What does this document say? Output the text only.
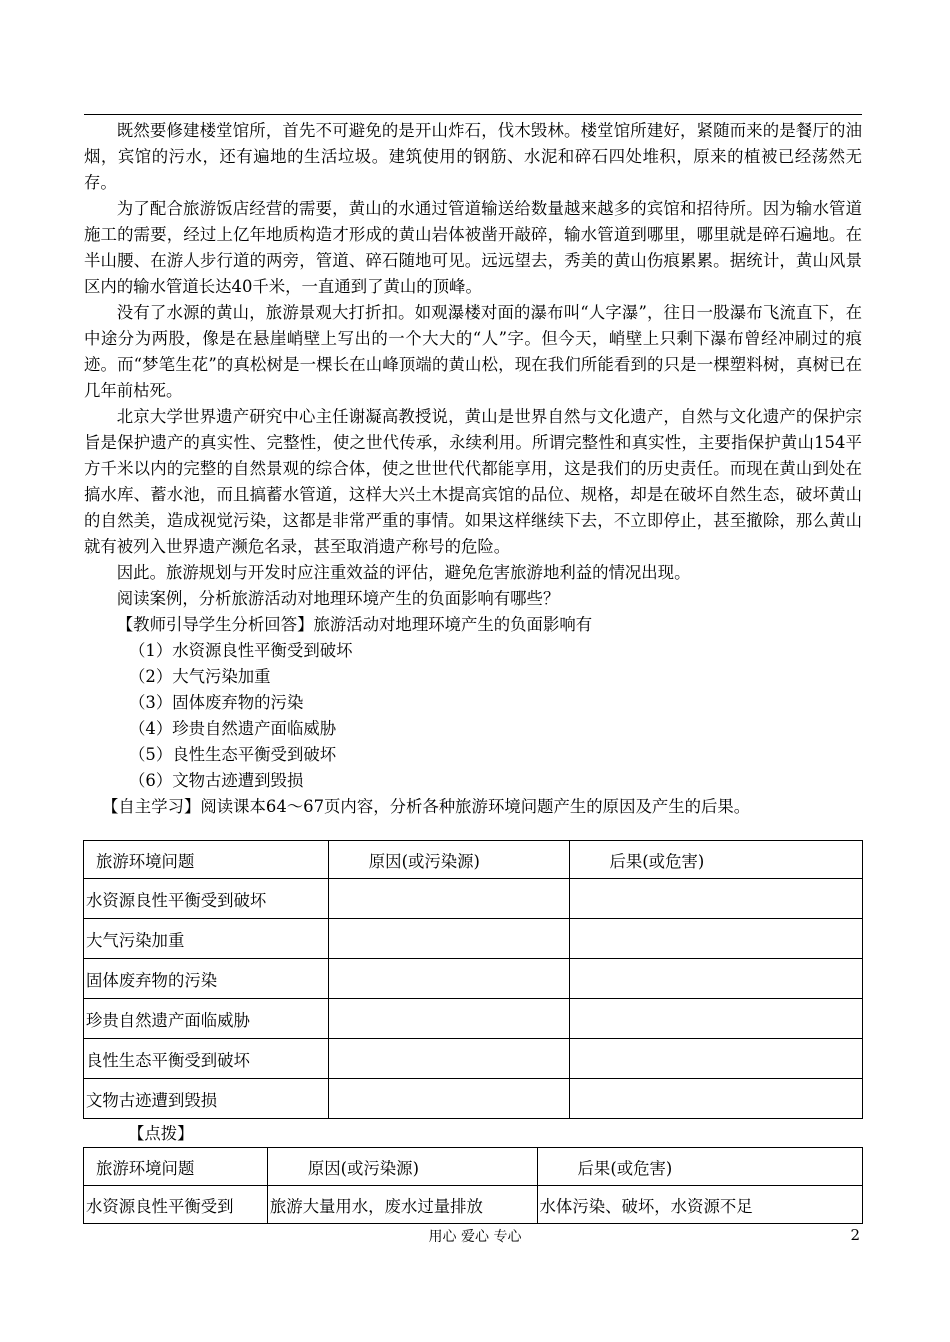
既然要修建楼堂馆所，首先不可避免的是开山炸石，伐木毁林。楼堂馆所建好，紧随而来的是餐厅的油烟，宾馆的污水，还有遍地的生活垃圾。建筑使用的钢筋、水泥和碎石四处堆积，原来的植被已经荡然无存。

为了配合旅游饭店经营的需要，黄山的水通过管道输送给数量越来越多的宾馆和招待所。因为输水管道施工的需要，经过上亿年地质构造才形成的黄山岩体被凿开敲碎，输水管道到哪里，哪里就是碎石遍地。在半山腰、在游人步行道的两旁，管道、碎石随地可见。远远望去，秀美的黄山伤痕累累。据统计，黄山风景区内的输水管道长达40千米，一直通到了黄山的顶峰。

没有了水源的黄山，旅游景观大打折扣。如观瀑楼对面的瀑布叫“人字瀑”，往日一股瀑布飞流直下，在中途分为两股，像是在悬崖峭壁上写出的一个大大的“人”字。但今天，峭壁上只剩下瀑布曾经冲刷过的痕迹。而“梦笔生花”的真松树是一棵长在山峰顶端的黄山松，现在我们所能看到的只是一棵塑料树，真树已在几年前枯死。

北京大学世界遗产研究中心主任谢凝高教授说，黄山是世界自然与文化遗产，自然与文化遗产的保护宗旨是保护遗产的真实性、完整性，使之世代传承，永续利用。所谓完整性和真实性，主要指保护黄山154平方千米以内的完整的自然景观的综合体，使之世世代代都能享用，这是我们的历史责任。而现在黄山到处在搞水库、蓄水池，而且搞蓄水管道，这样大兴土木提高宾馆的品位、规格，却是在破坏自然生态，破坏黄山的自然美，造成视觉污染，这都是非常严重的事情。如果这样继续下去，不立即停止，甚至撤除，那么黄山就有被列入世界遗产濒危名录，甚至取消遗产称号的危险。

因此。旅游规划与开发时应注重效益的评估，避免危害旅游地利益的情况出现。

阅读案例，分析旅游活动对地理环境产生的负面影响有哪些？

【教师引导学生分析回答】旅游活动对地理环境产生的负面影响有

（1）水资源良性平衡受到破坏

（2）大气污染加重

（3）固体废弃物的污染

（4）珍贵自然遗产面临威胁

（5）良性生态平衡受到破坏

（6）文物古迹遭到毁损

【自主学习】阅读课本64～67页内容，分析各种旅游环境问题产生的原因及产生的后果。

旅游环境问题	原因(或污染源)	后果(或危害)
水资源良性平衡受到破坏		
大气污染加重		
固体废弃物的污染		
珍贵自然遗产面临威胁		
良性生态平衡受到破坏		
文物古迹遭到毁损		

【点拨】

旅游环境问题	原因(或污染源)	后果(或危害)
水资源良性平衡受到	旅游大量用水，废水过量排放	水体污染、破坏，水资源不足
用心 爱心 专心	2
